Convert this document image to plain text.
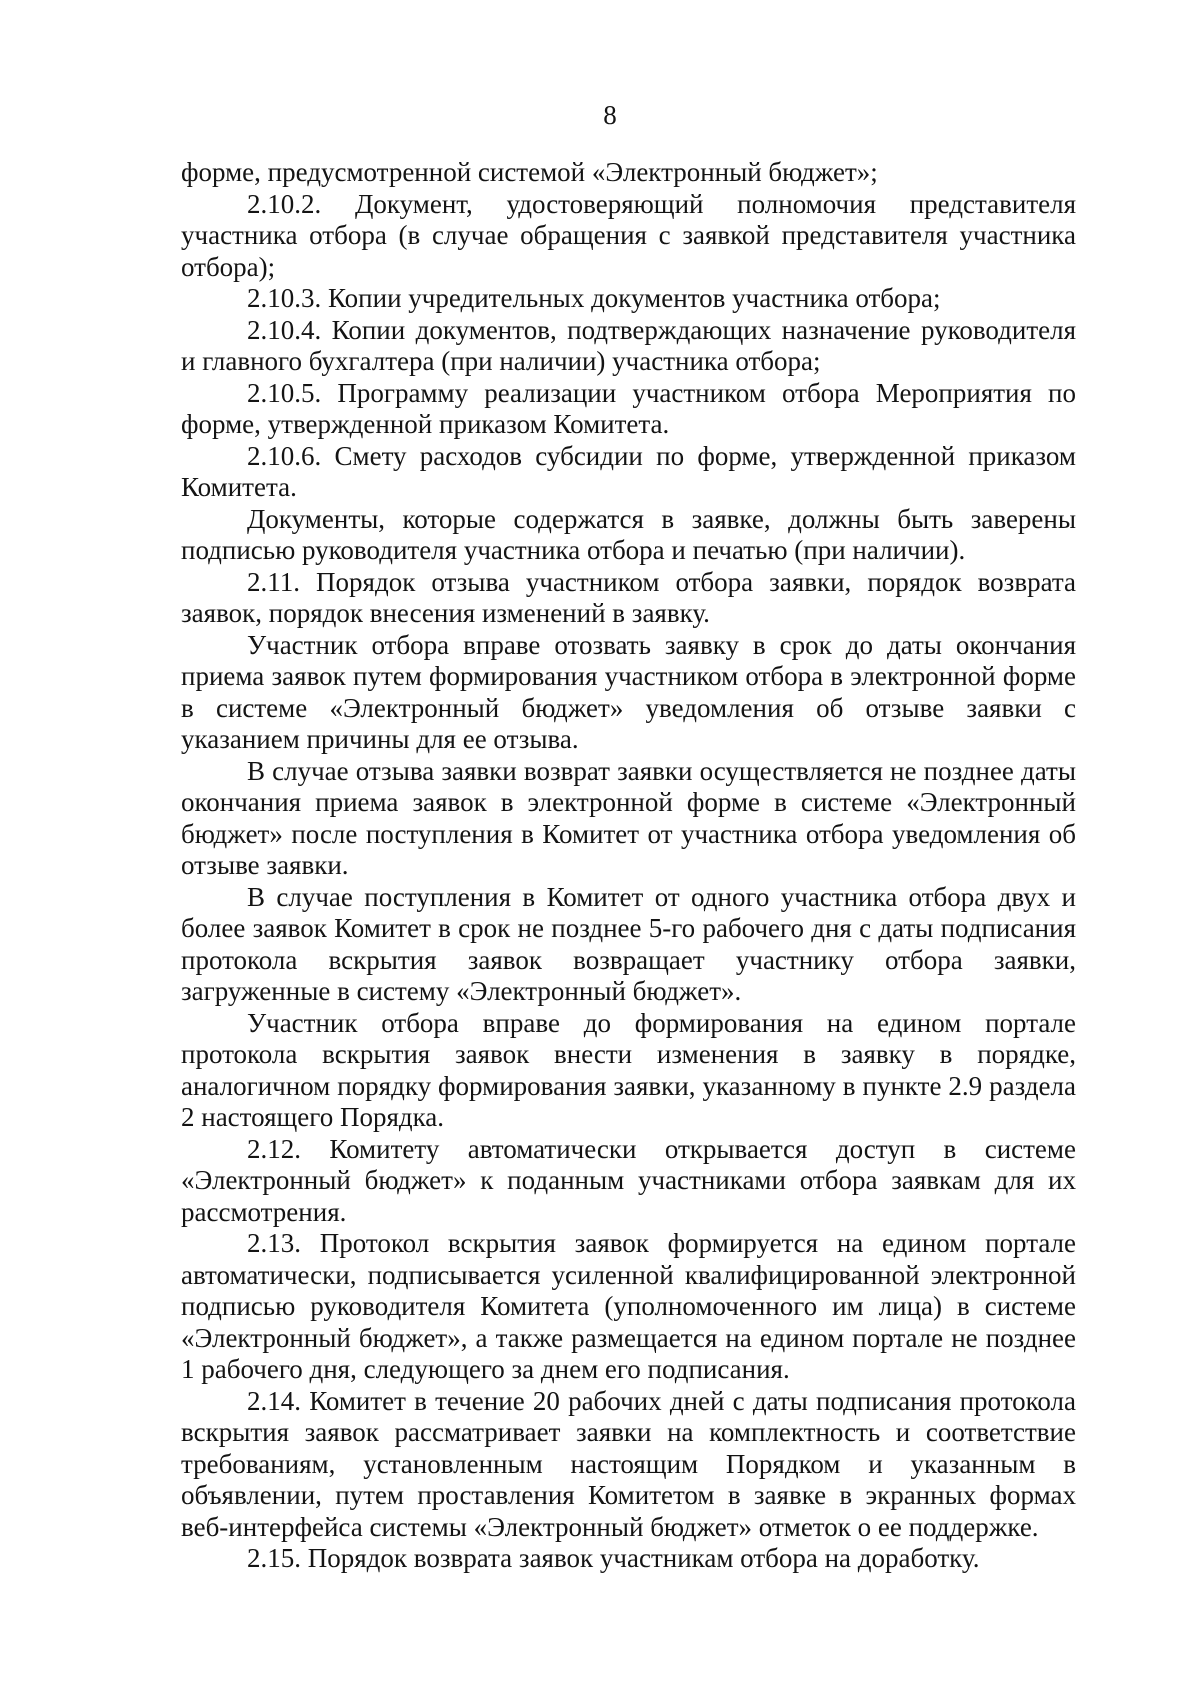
8

форме, предусмотренной системой «Электронный бюджет»;

2.10.2. Документ, удостоверяющий полномочия представителя участника отбора (в случае обращения с заявкой представителя участника отбора);

2.10.3. Копии учредительных документов участника отбора;

2.10.4. Копии документов, подтверждающих назначение руководителя и главного бухгалтера (при наличии) участника отбора;

2.10.5. Программу реализации участником отбора Мероприятия по форме, утвержденной приказом Комитета.

2.10.6. Смету расходов субсидии по форме, утвержденной приказом Комитета.

Документы, которые содержатся в заявке, должны быть заверены подписью руководителя участника отбора и печатью (при наличии).

2.11. Порядок отзыва участником отбора заявки, порядок возврата заявок, порядок внесения изменений в заявку.

Участник отбора вправе отозвать заявку в срок до даты окончания приема заявок путем формирования участником отбора в электронной форме в системе «Электронный бюджет» уведомления об отзыве заявки с указанием причины для ее отзыва.

В случае отзыва заявки возврат заявки осуществляется не позднее даты окончания приема заявок в электронной форме в системе «Электронный бюджет» после поступления в Комитет от участника отбора уведомления об отзыве заявки.

В случае поступления в Комитет от одного участника отбора двух и более заявок Комитет в срок не позднее 5-го рабочего дня с даты подписания протокола вскрытия заявок возвращает участнику отбора заявки, загруженные в систему «Электронный бюджет».

Участник отбора вправе до формирования на едином портале протокола вскрытия заявок внести изменения в заявку в порядке, аналогичном порядку формирования заявки, указанному в пункте 2.9 раздела 2 настоящего Порядка.

2.12. Комитету автоматически открывается доступ в системе «Электронный бюджет» к поданным участниками отбора заявкам для их рассмотрения.

2.13. Протокол вскрытия заявок формируется на едином портале автоматически, подписывается усиленной квалифицированной электронной подписью руководителя Комитета (уполномоченного им лица) в системе «Электронный бюджет», а также размещается на едином портале не позднее 1 рабочего дня, следующего за днем его подписания.

2.14. Комитет в течение 20 рабочих дней с даты подписания протокола вскрытия заявок рассматривает заявки на комплектность и соответствие требованиям, установленным настоящим Порядком и указанным в объявлении, путем проставления Комитетом в заявке в экранных формах веб-интерфейса системы «Электронный бюджет» отметок о ее поддержке.

2.15. Порядок возврата заявок участникам отбора на доработку.
